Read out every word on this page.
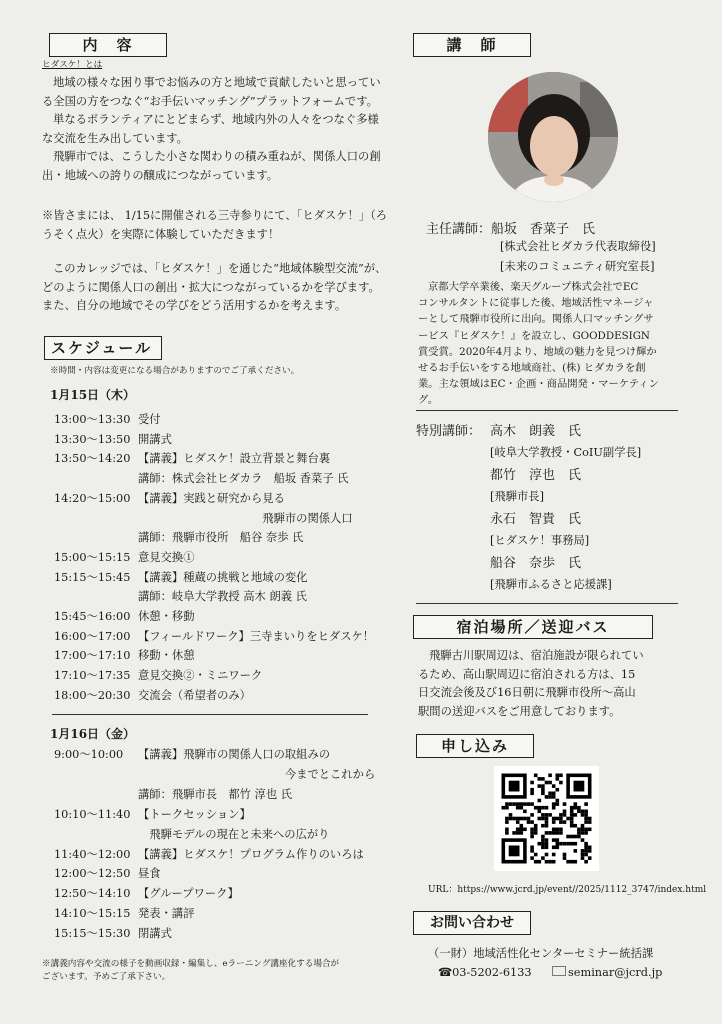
内　容
ヒダスケ！とは
地域の様々な困り事でお悩みの方と地域で貢献したいと思ってい
る全国の方をつなぐ“お手伝いマッチング”プラットフォームです。
単なるボランティアにとどまらず、地域内外の人々をつなぐ多様
な交流を生み出しています。
飛騨市では、こうした小さな関わりの積み重ねが、関係人口の創
出・地域への誇りの醸成につながっています。
※皆さまには、 1/15に開催される三寺参りにて、「ヒダスケ！」（ろ
うそく点火）を実際に体験していただきます！
このカレッジでは、「ヒダスケ！」を通じた“地域体験型交流”が、
どのように関係人口の創出・拡大につながっているかを学びます。
また、自分の地域でその学びをどう活用するかを考えます。
スケジュール
※時間・内容は変更になる場合がありますのでご了承ください。
1月15日（木）
13:00～13:30 受付
13:30～13:50 開講式
13:50～14:20 【講義】ヒダスケ！設立背景と舞台裏
講師：株式会社ヒダカラ　船坂 香菜子 氏
14:20～15:00 【講義】実践と研究から見る
　　　　　　　　　　　飛騨市の関係人口
講師：飛騨市役所　船谷 奈歩 氏
15:00～15:15 意見交換①
15:15～15:45 【講義】種蔵の挑戦と地域の変化
講師：岐阜大学教授 高木 朗義 氏
15:45～16:00 休憩・移動
16:00～17:00 【フィールドワーク】三寺まいりをヒダスケ！
17:00～17:10 移動・休憩
17:10～17:35 意見交換②・ミニワーク
18:00～20:30 交流会（希望者のみ）
1月16日（金）
9:00～10:00 【講義】飛騨市の関係人口の取組みの
　　　　　　　　　　　　　今までとこれから
講師：飛騨市長　都竹 淳也 氏
10:10～11:40 【トークセッション】
　飛騨モデルの現在と未来への広がり
11:40～12:00 【講義】ヒダスケ！プログラム作りのいろは
12:00～12:50 昼食
12:50～14:10 【グループワーク】
14:10～15:15 発表・講評
15:15～15:30 閉講式
※講義内容や交流の様子を動画収録・編集し、eラーニング講座化する場合が
ございます。予めご了承下さい。
講　師
主任講師：船坂　香菜子　氏
[株式会社ヒダカラ代表取締役]
[未来のコミュニティ研究室長]
京都大学卒業後、楽天グループ株式会社でEC
コンサルタントに従事した後、地域活性マネージャ
ーとして飛騨市役所に出向。関係人口マッチングサ
ービス『ヒダスケ！』を設立し、GOODDESIGN
賞受賞。2020年4月より、地域の魅力を見つけ輝か
せるお手伝いをする地域商社、(株) ヒダカラを創
業。主な領域はEC・企画・商品開発・マーケティン
グ。
特別講師： 高木　朗義　氏
[岐阜大学教授・CoIU副学長]
都竹　淳也　氏
[飛騨市長]
永石　智貴　氏
[ヒダスケ！事務局]
船谷　奈歩　氏
[飛騨市ふるさと応援課]
宿泊場所／送迎バス
飛騨古川駅周辺は、宿泊施設が限られてい
るため、高山駅周辺に宿泊される方は、15
日交流会後及び16日朝に飛騨市役所～高山
駅間の送迎バスをご用意しております。
申し込み
URL：https://www.jcrd.jp/event//2025/1112_3747/index.html
お問い合わせ
（一財）地域活性化センターセミナー統括課
☎03-5202-6133	seminar@jcrd.jp
